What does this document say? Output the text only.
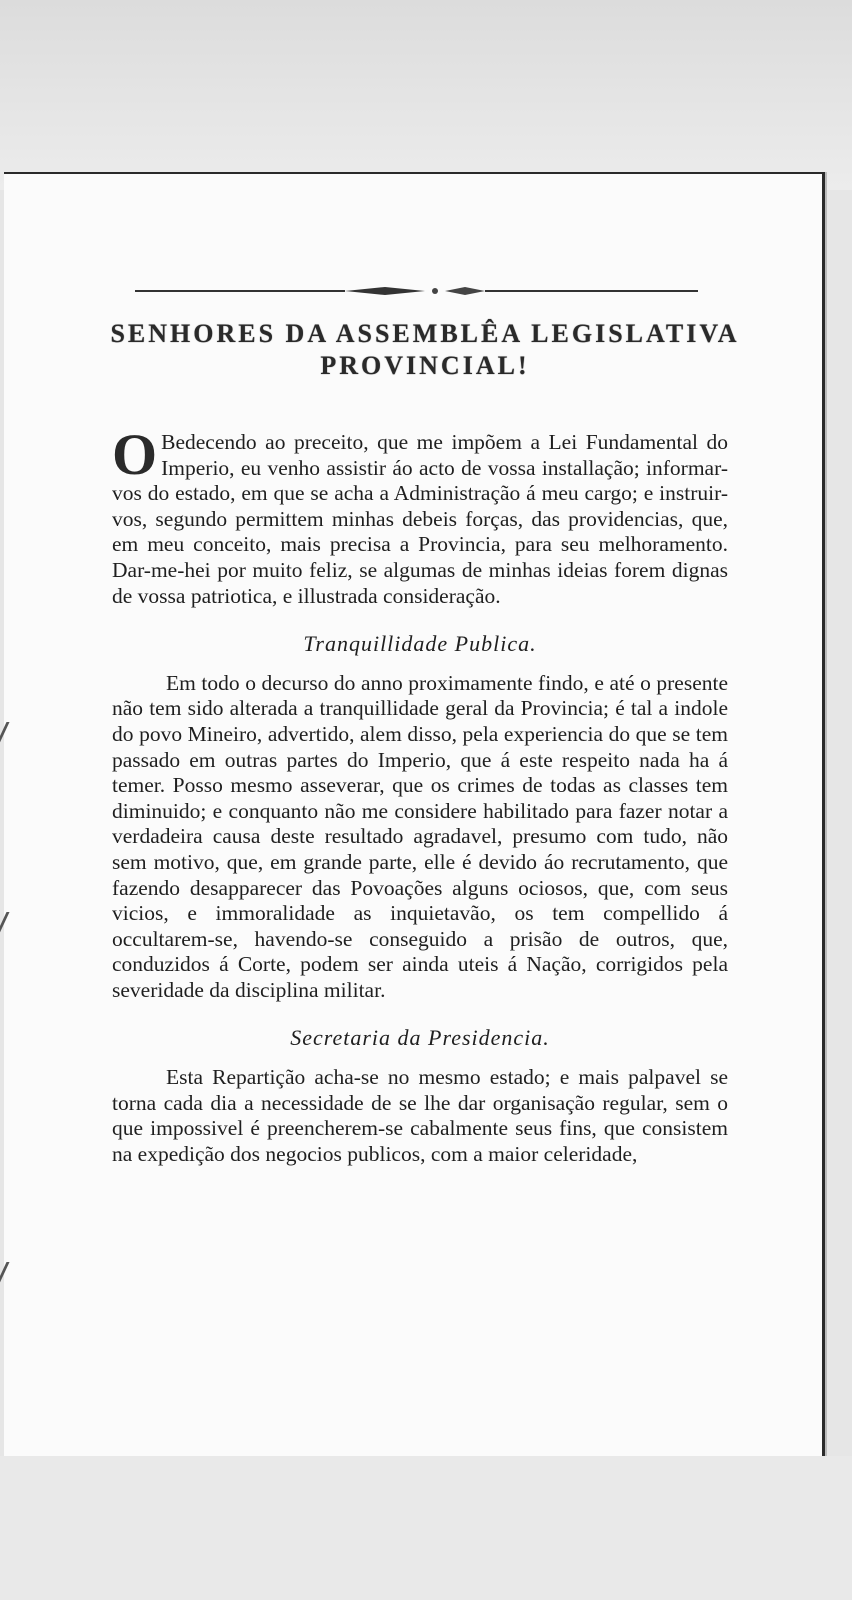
SENHORES DA ASSEMBLÊA LEGISLATIVA
PROVINCIAL!

O Bedecendo ao preceito, que me impõem a Lei Fundamental do Imperio, eu venho assistir áo acto de vossa installação; informar-vos do estado, em que se acha a Administração á meu cargo; e instruir-vos, segundo permittem minhas debeis forças, das providencias, que, em meu conceito, mais precisa a Provincia, para seu melhoramento. Dar-me-hei por muito feliz, se algumas de minhas ideias forem dignas de vossa patriotica, e illustrada consideração.

Tranquillidade Publica.

Em todo o decurso do anno proximamente findo, e até o presente não tem sido alterada a tranquillidade geral da Provincia; é tal a indole do povo Mineiro, advertido, alem disso, pela experiencia do que se tem passado em outras partes do Imperio, que á este respeito nada ha á temer. Posso mesmo asseverar, que os crimes de todas as classes tem diminuido; e conquanto não me considere habilitado para fazer notar a verdadeira causa deste resultado agradavel, presumo com tudo, não sem motivo, que, em grande parte, elle é devido áo recrutamento, que fazendo desapparecer das Povoações alguns ociosos, que, com seus vicios, e immoralidade as inquietavão, os tem compellido á occultarem-se, havendo-se conseguido a prisão de outros, que, conduzidos á Corte, podem ser ainda uteis á Nação, corrigidos pela severidade da disciplina militar.

Secretaria da Presidencia.

Esta Repartição acha-se no mesmo estado; e mais palpavel se torna cada dia a necessidade de se lhe dar organisação regular, sem o que impossivel é preencherem-se cabalmente seus fins, que consistem na expedição dos negocios publicos, com a maior celeridade,
